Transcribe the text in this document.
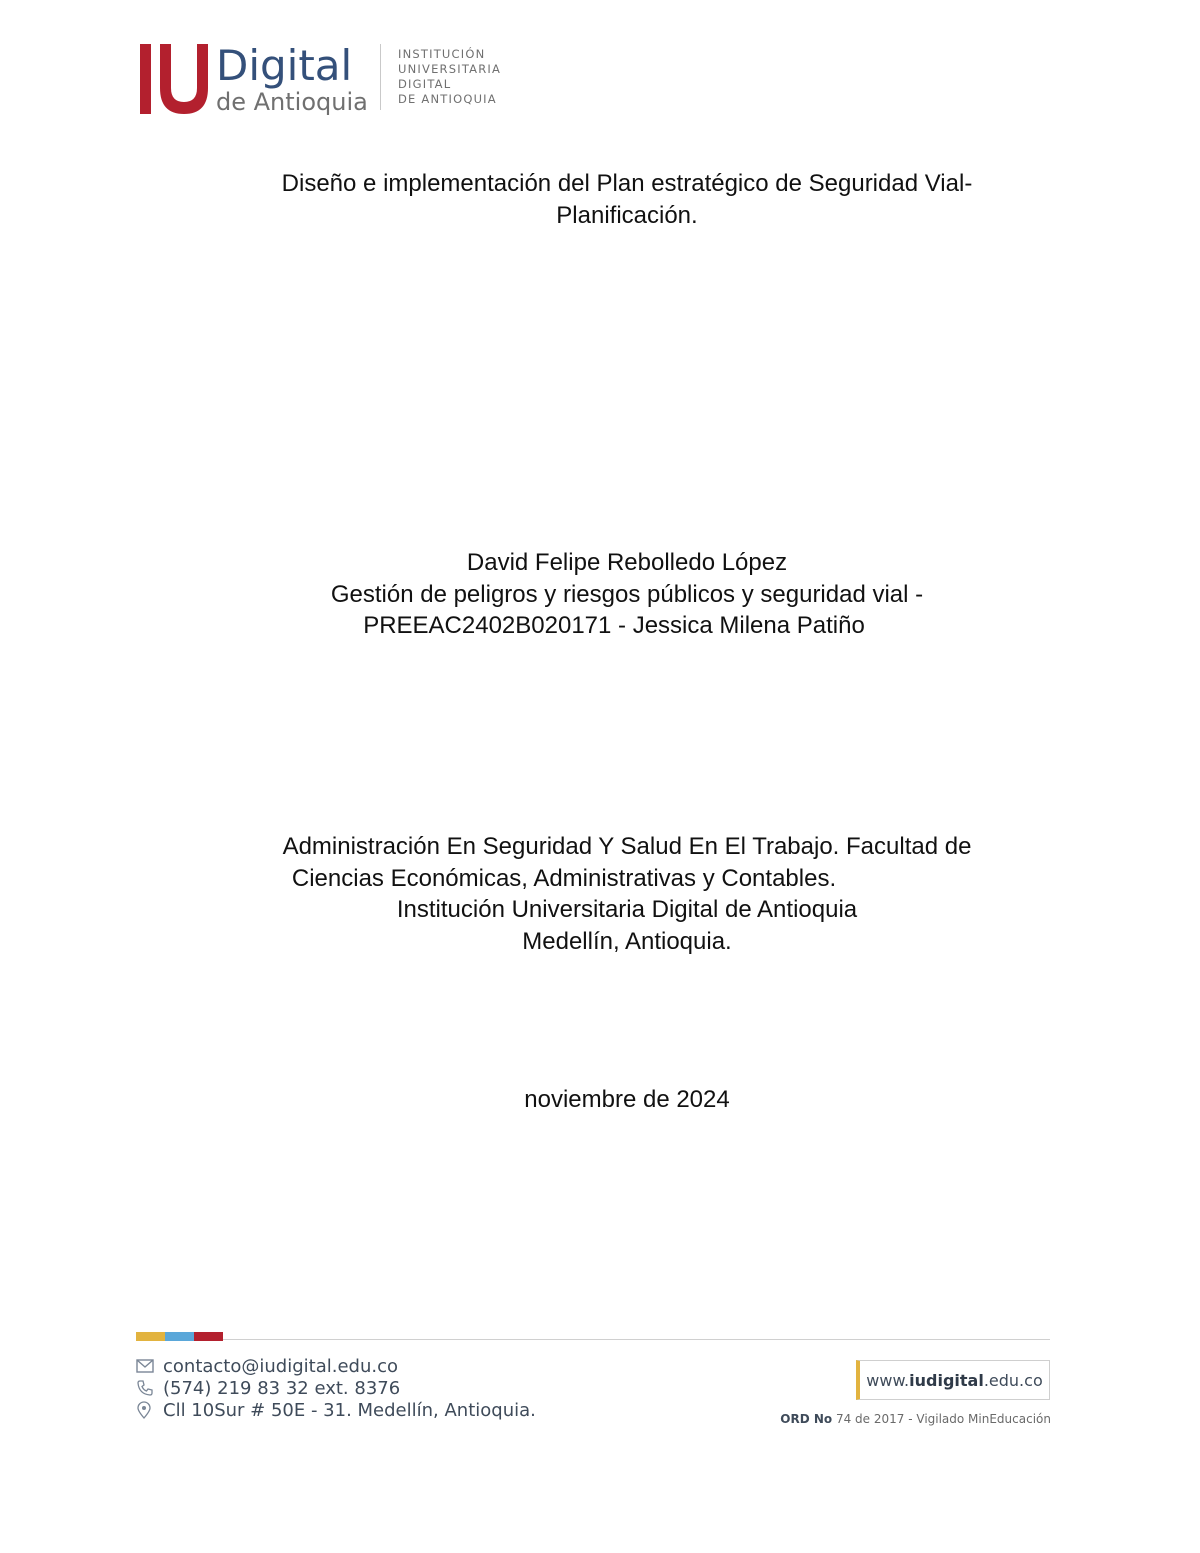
Digital
de Antioquia
INSTITUCIÓN
UNIVERSITARIA
DIGITAL
DE ANTIOQUIA
Diseño e implementación del Plan estratégico de Seguridad Vial-
Planificación.
David Felipe Rebolledo López
Gestión de peligros y riesgos públicos y seguridad vial -
PREEAC2402B020171 - Jessica Milena Patiño
Administración En Seguridad Y Salud En El Trabajo. Facultad de
Ciencias Económicas, Administrativas y Contables.
Institución Universitaria Digital de Antioquia
Medellín, Antioquia.
noviembre de 2024
contacto@iudigital.edu.co
(574) 219 83 32 ext. 8376
Cll 10Sur # 50E - 31. Medellín, Antioquia.
www. iudigital .edu.co
ORD No 74 de 2017 - Vigilado MinEducación
